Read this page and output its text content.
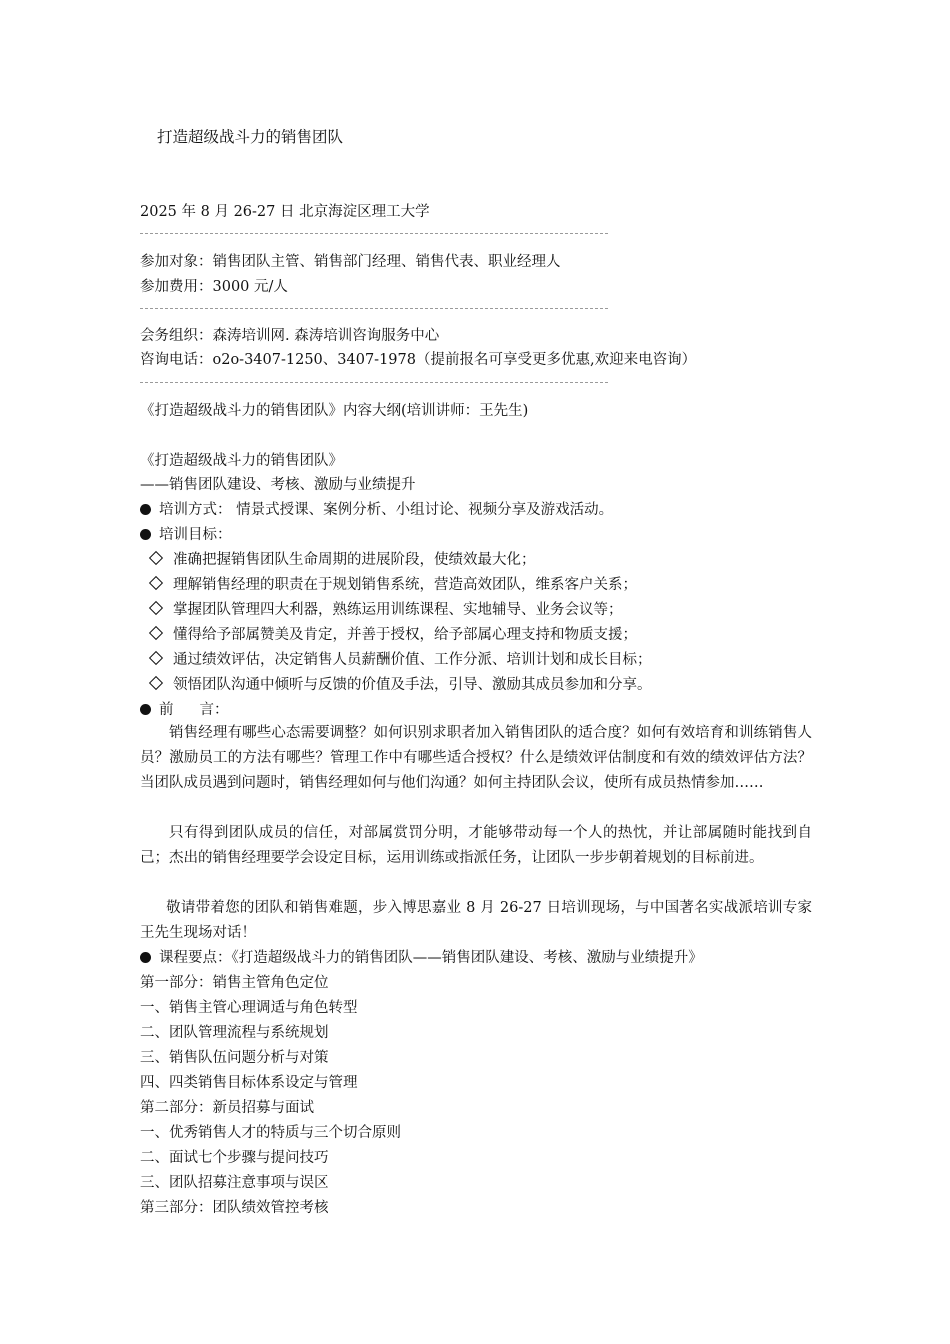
打造超级战斗力的销售团队
2025 年 8 月 26-27 日 北京海淀区理工大学
参加对象：销售团队主管、销售部门经理、销售代表、职业经理人
参加费用：3000 元/人
会务组织：森涛培训网. 森涛培训咨询服务中心
咨询电话：o2o-3407-1250、3407-1978（提前报名可享受更多优惠,欢迎来电咨询）
《打造超级战斗力的销售团队》内容大纲(培训讲师：王先生)
《打造超级战斗力的销售团队》
——销售团队建设、考核、激励与业绩提升
培训方式： 情景式授课、案例分析、小组讨论、视频分享及游戏活动。
培训目标：
准确把握销售团队生命周期的进展阶段，使绩效最大化；
理解销售经理的职责在于规划销售系统，营造高效团队，维系客户关系；
掌握团队管理四大利器，熟练运用训练课程、实地辅导、业务会议等；
懂得给予部属赞美及肯定，并善于授权，给予部属心理支持和物质支援；
通过绩效评估，决定销售人员薪酬价值、工作分派、培训计划和成长目标；
领悟团队沟通中倾听与反馈的价值及手法，引导、激励其成员参加和分享。
前 言：
销售经理有哪些心态需要调整？如何识别求职者加入销售团队的适合度？如何有效培育和训练销售人员？激励员工的方法有哪些？管理工作中有哪些适合授权？什么是绩效评估制度和有效的绩效评估方法？当团队成员遇到问题时，销售经理如何与他们沟通？如何主持团队会议，使所有成员热情参加……
只有得到团队成员的信任，对部属赏罚分明，才能够带动每一个人的热忱，并让部属随时能找到自己；杰出的销售经理要学会设定目标，运用训练或指派任务，让团队一步步朝着规划的目标前进。
敬请带着您的团队和销售难题，步入博思嘉业 8 月 26-27 日培训现场，与中国著名实战派培训专家王先生现场对话！
课程要点：《打造超级战斗力的销售团队——销售团队建设、考核、激励与业绩提升》
第一部分：销售主管角色定位
一、销售主管心理调适与角色转型
二、团队管理流程与系统规划
三、销售队伍问题分析与对策
四、四类销售目标体系设定与管理
第二部分：新员招募与面试
一、优秀销售人才的特质与三个切合原则
二、面试七个步骤与提问技巧
三、团队招募注意事项与误区
第三部分：团队绩效管控考核
